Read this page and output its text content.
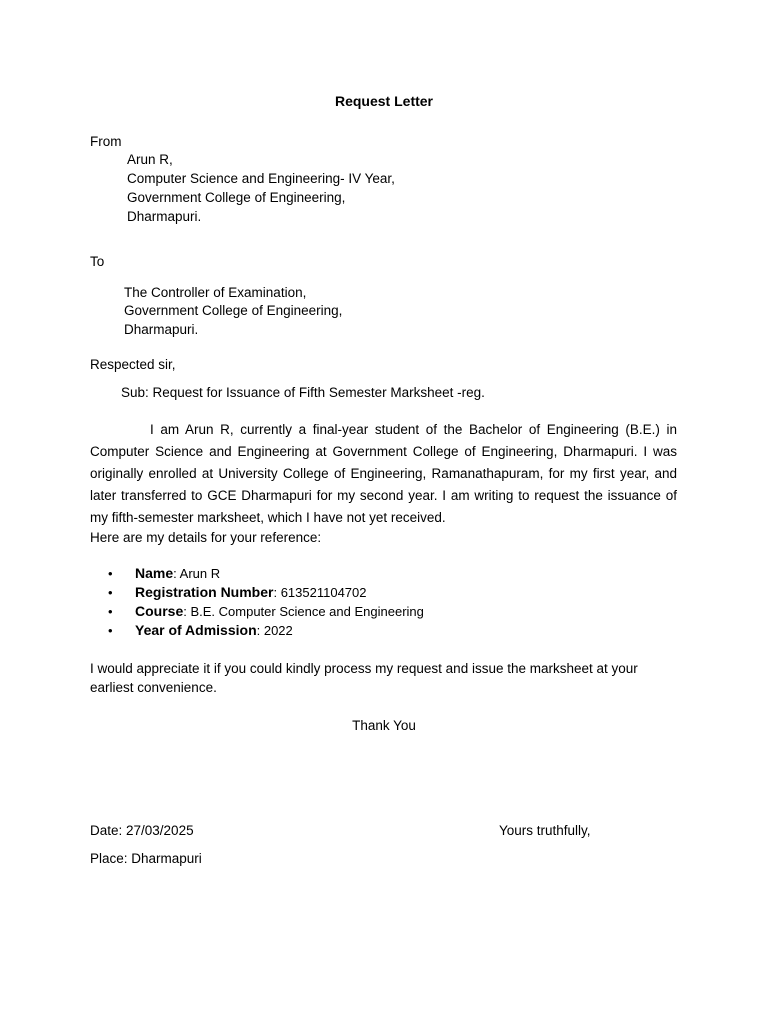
Request Letter
From
Arun R,
Computer Science and Engineering- IV Year,
Government College of Engineering,
Dharmapuri.
To
The Controller of Examination,
Government College of Engineering,
Dharmapuri.
Respected sir,
Sub: Request for Issuance of Fifth Semester Marksheet -reg.
I am Arun R, currently a final-year student of the Bachelor of Engineering (B.E.) in Computer Science and Engineering at Government College of Engineering, Dharmapuri. I was originally enrolled at University College of Engineering, Ramanathapuram, for my first year, and later transferred to GCE Dharmapuri for my second year. I am writing to request the issuance of my fifth-semester marksheet, which I have not yet received.
Here are my details for your reference:
• Name: Arun R
• Registration Number: 613521104702
• Course: B.E. Computer Science and Engineering
• Year of Admission: 2022
I would appreciate it if you could kindly process my request and issue the marksheet at your earliest convenience.
Thank You
Date: 27/03/2025	Yours truthfully,
Place: Dharmapuri
